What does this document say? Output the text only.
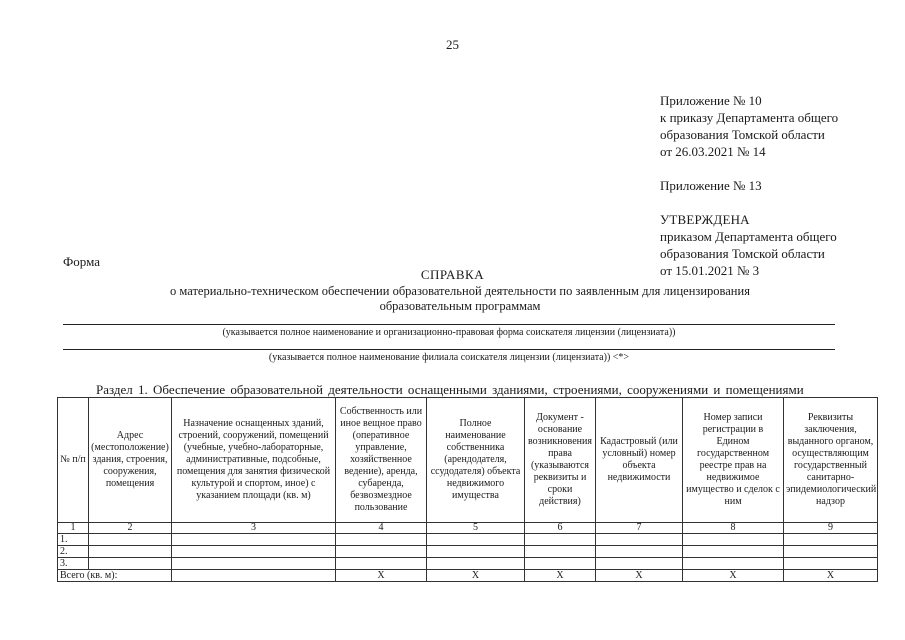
25
Приложение № 10
к приказу Департамента общего
образования Томской области
от 26.03.2021 № 14
Приложение № 13
УТВЕРЖДЕНА
приказом Департамента общего
образования Томской области
от 15.01.2021 № 3
Форма
СПРАВКА
о материально-техническом обеспечении образовательной деятельности по заявленным для лицензирования образовательным программам
(указывается полное наименование и организационно-правовая форма соискателя лицензии (лицензиата))
(указывается полное наименование филиала соискателя лицензии (лицензиата)) <*>
Раздел 1. Обеспечение образовательной деятельности оснащенными зданиями, строениями, сооружениями и помещениями
№ п/п	Адрес (местоположение) здания, строения, сооружения, помещения	Назначение оснащенных зданий, строений, сооружений, помещений (учебные, учебно-лабораторные, административные, подсобные, помещения для занятия физической культурой и спортом, иное) с указанием площади (кв. м)	Собственность или иное вещное право (оперативное управление, хозяйственное ведение), аренда, субаренда, безвозмездное пользование	Полное наименование собственника (арендодателя, ссудодателя) объекта недвижимого имущества	Документ - основание возникновения права (указываются реквизиты и сроки действия)	Кадастровый (или условный) номер объекта недвижимости	Номер записи регистрации в Едином государственном реестре прав на недвижимое имущество и сделок с ним	Реквизиты заключения, выданного органом, осуществляющим государственный санитарно-эпидемиологический надзор
1	2	3	4	5	6	7	8	9
1.								
2.								
3.								
Всего (кв. м):			X	X	X	X	X	X
